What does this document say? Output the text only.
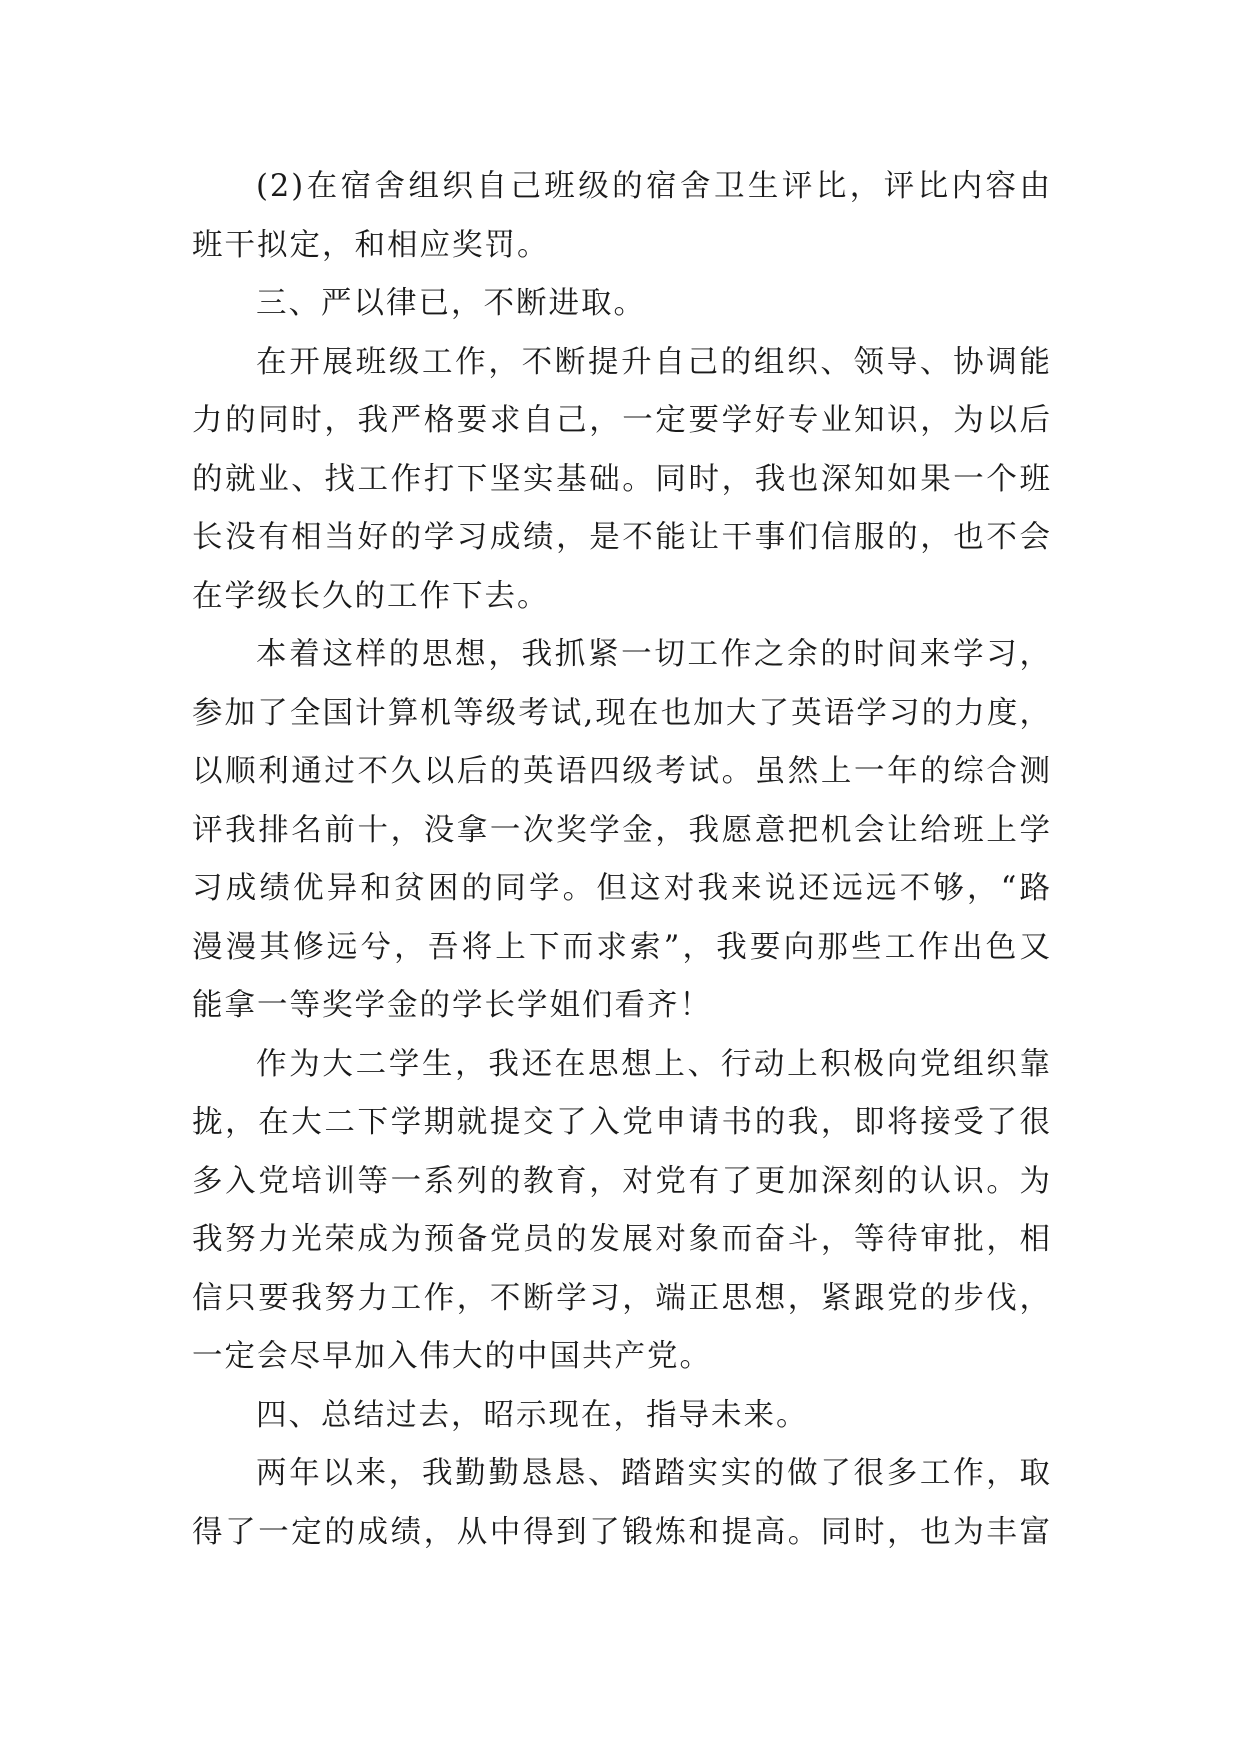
(2)在宿舍组织自己班级的宿舍卫生评比，评比内容由
班干拟定，和相应奖罚。
三、严以律已，不断进取。
在开展班级工作，不断提升自己的组织、领导、协调能
力的同时，我严格要求自己，一定要学好专业知识，为以后
的就业、找工作打下坚实基础。同时，我也深知如果一个班
长没有相当好的学习成绩，是不能让干事们信服的，也不会
在学级长久的工作下去。
本着这样的思想，我抓紧一切工作之余的时间来学习，
参加了全国计算机等级考试,现在也加大了英语学习的力度，
以顺利通过不久以后的英语四级考试。虽然上一年的综合测
评我排名前十，没拿一次奖学金，我愿意把机会让给班上学
习成绩优异和贫困的同学。但这对我来说还远远不够，“路
漫漫其修远兮，吾将上下而求索”，我要向那些工作出色又
能拿一等奖学金的学长学姐们看齐！
作为大二学生，我还在思想上、行动上积极向党组织靠
拢，在大二下学期就提交了入党申请书的我，即将接受了很
多入党培训等一系列的教育，对党有了更加深刻的认识。为
我努力光荣成为预备党员的发展对象而奋斗，等待审批，相
信只要我努力工作，不断学习，端正思想，紧跟党的步伐，
一定会尽早加入伟大的中国共产党。
四、总结过去，昭示现在，指导未来。
两年以来，我勤勤恳恳、踏踏实实的做了很多工作，取
得了一定的成绩，从中得到了锻炼和提高。同时，也为丰富
